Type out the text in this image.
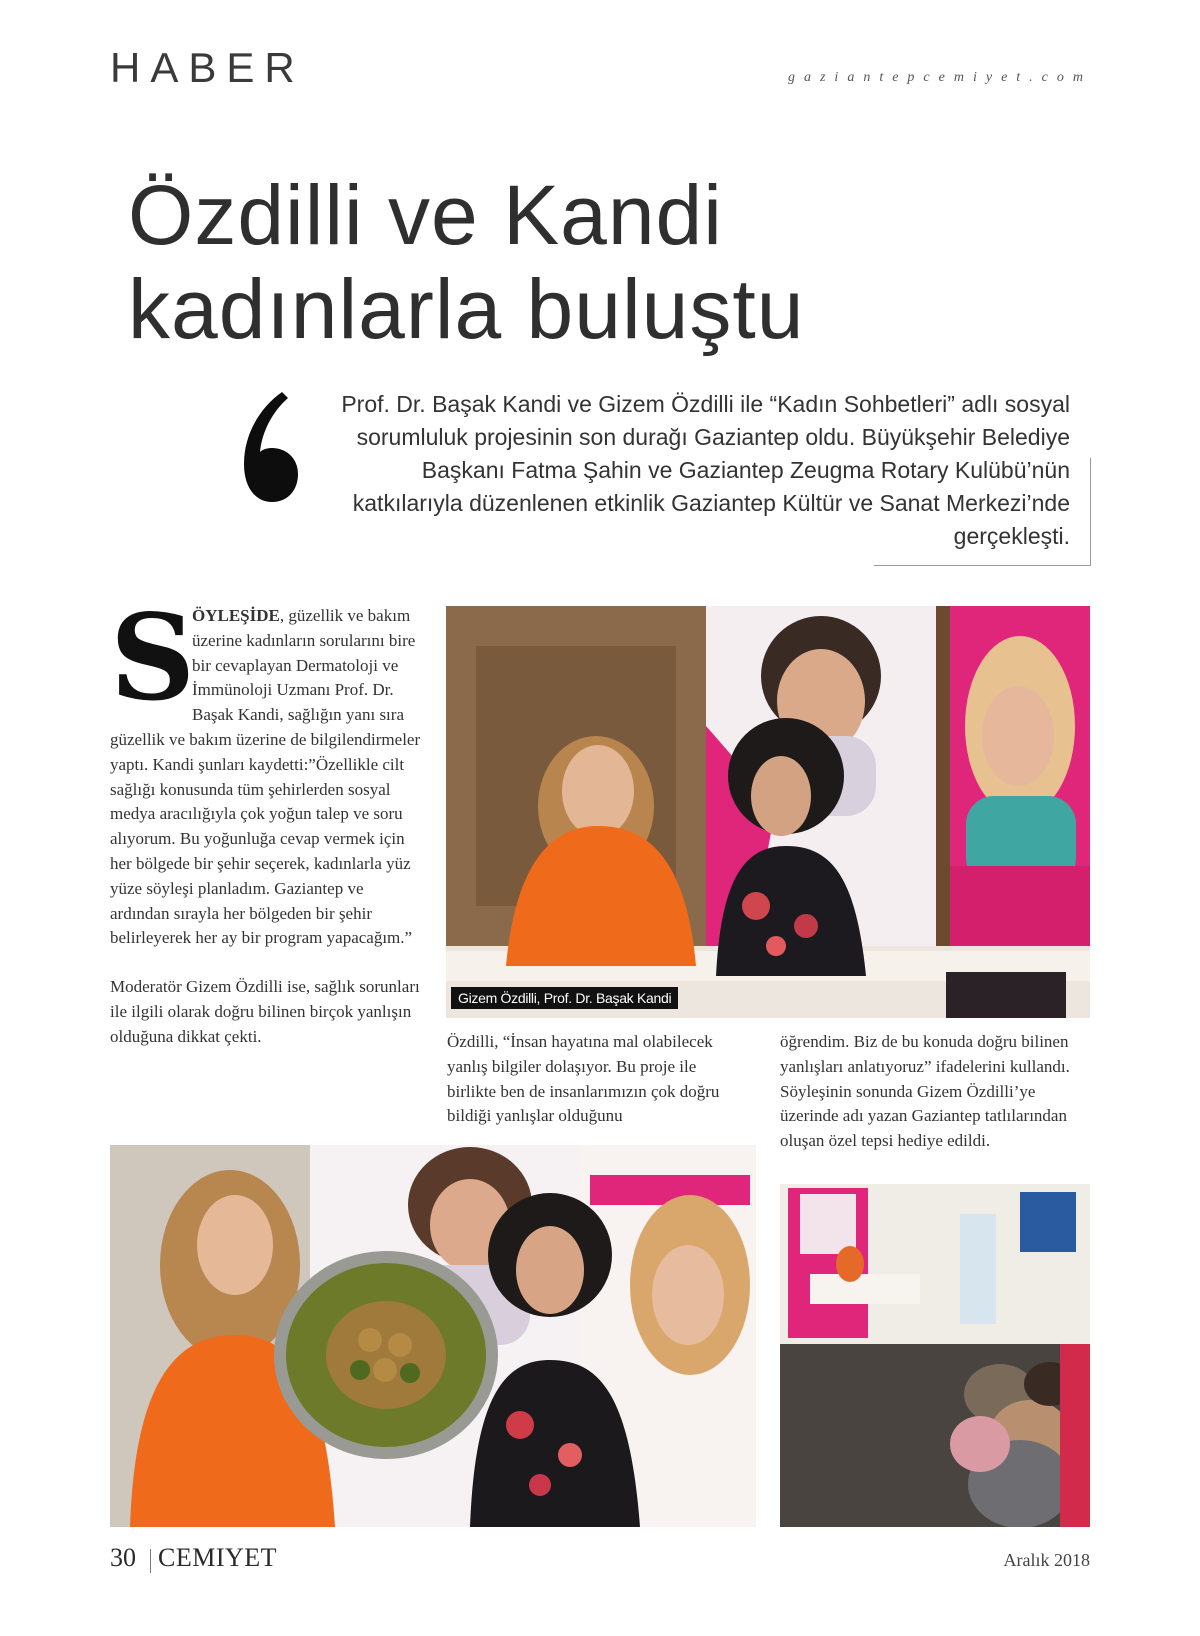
HABER	gaziantepcemiyet.com
Özdilli ve Kandi
kadınlarla buluştu
Prof. Dr. Başak Kandi ve Gizem Özdilli ile “Kadın Sohbetleri” adlı sosyal sorumluluk projesinin son durağı Gaziantep oldu. Büyükşehir Belediye Başkanı Fatma Şahin ve Gaziantep Zeugma Rotary Kulübü’nün katkılarıyla düzenlenen etkinlik Gaziantep Kültür ve Sanat Merkezi’nde gerçekleşti.

S
ÖYLEŞİDE, güzellik ve bakım üzerine kadınların sorularını bire bir cevaplayan Dermatoloji ve İmmünoloji Uzmanı Prof. Dr. Başak Kandi, sağlığın yanı sıra güzellik ve bakım üzerine de bilgilendirmeler yaptı. Kandi şunları kaydetti:”Özellikle cilt sağlığı konusunda tüm şehirlerden sosyal medya aracılığıyla çok yoğun talep ve soru alıyorum. Bu yoğunluğa cevap vermek için her bölgede bir şehir seçerek, kadınlarla yüz yüze söyleşi planladım. Gaziantep ve ardından sırayla her bölgeden bir şehir belirleyerek her ay bir program yapacağım.”

Moderatör Gizem Özdilli ise, sağlık sorunları ile ilgili olarak doğru bilinen birçok yanlışın olduğuna dikkat çekti.	Özdilli, “İnsan hayatına mal olabilecek yanlış bilgiler dolaşıyor. Bu proje ile birlikte ben de insanlarımızın çok doğru bildiği yanlışlar olduğunu

öğrendim. Biz de bu konuda doğru bilinen yanlışları anlatıyoruz” ifadelerini kullandı. Söyleşinin sonunda Gizem Özdilli’ye üzerinde adı yazan Gaziantep tatlılarından oluşan özel tepsi hediye edildi.

Gizem Özdilli, Prof. Dr. Başak Kandi
30 CEMIYET	Aralık 2018
